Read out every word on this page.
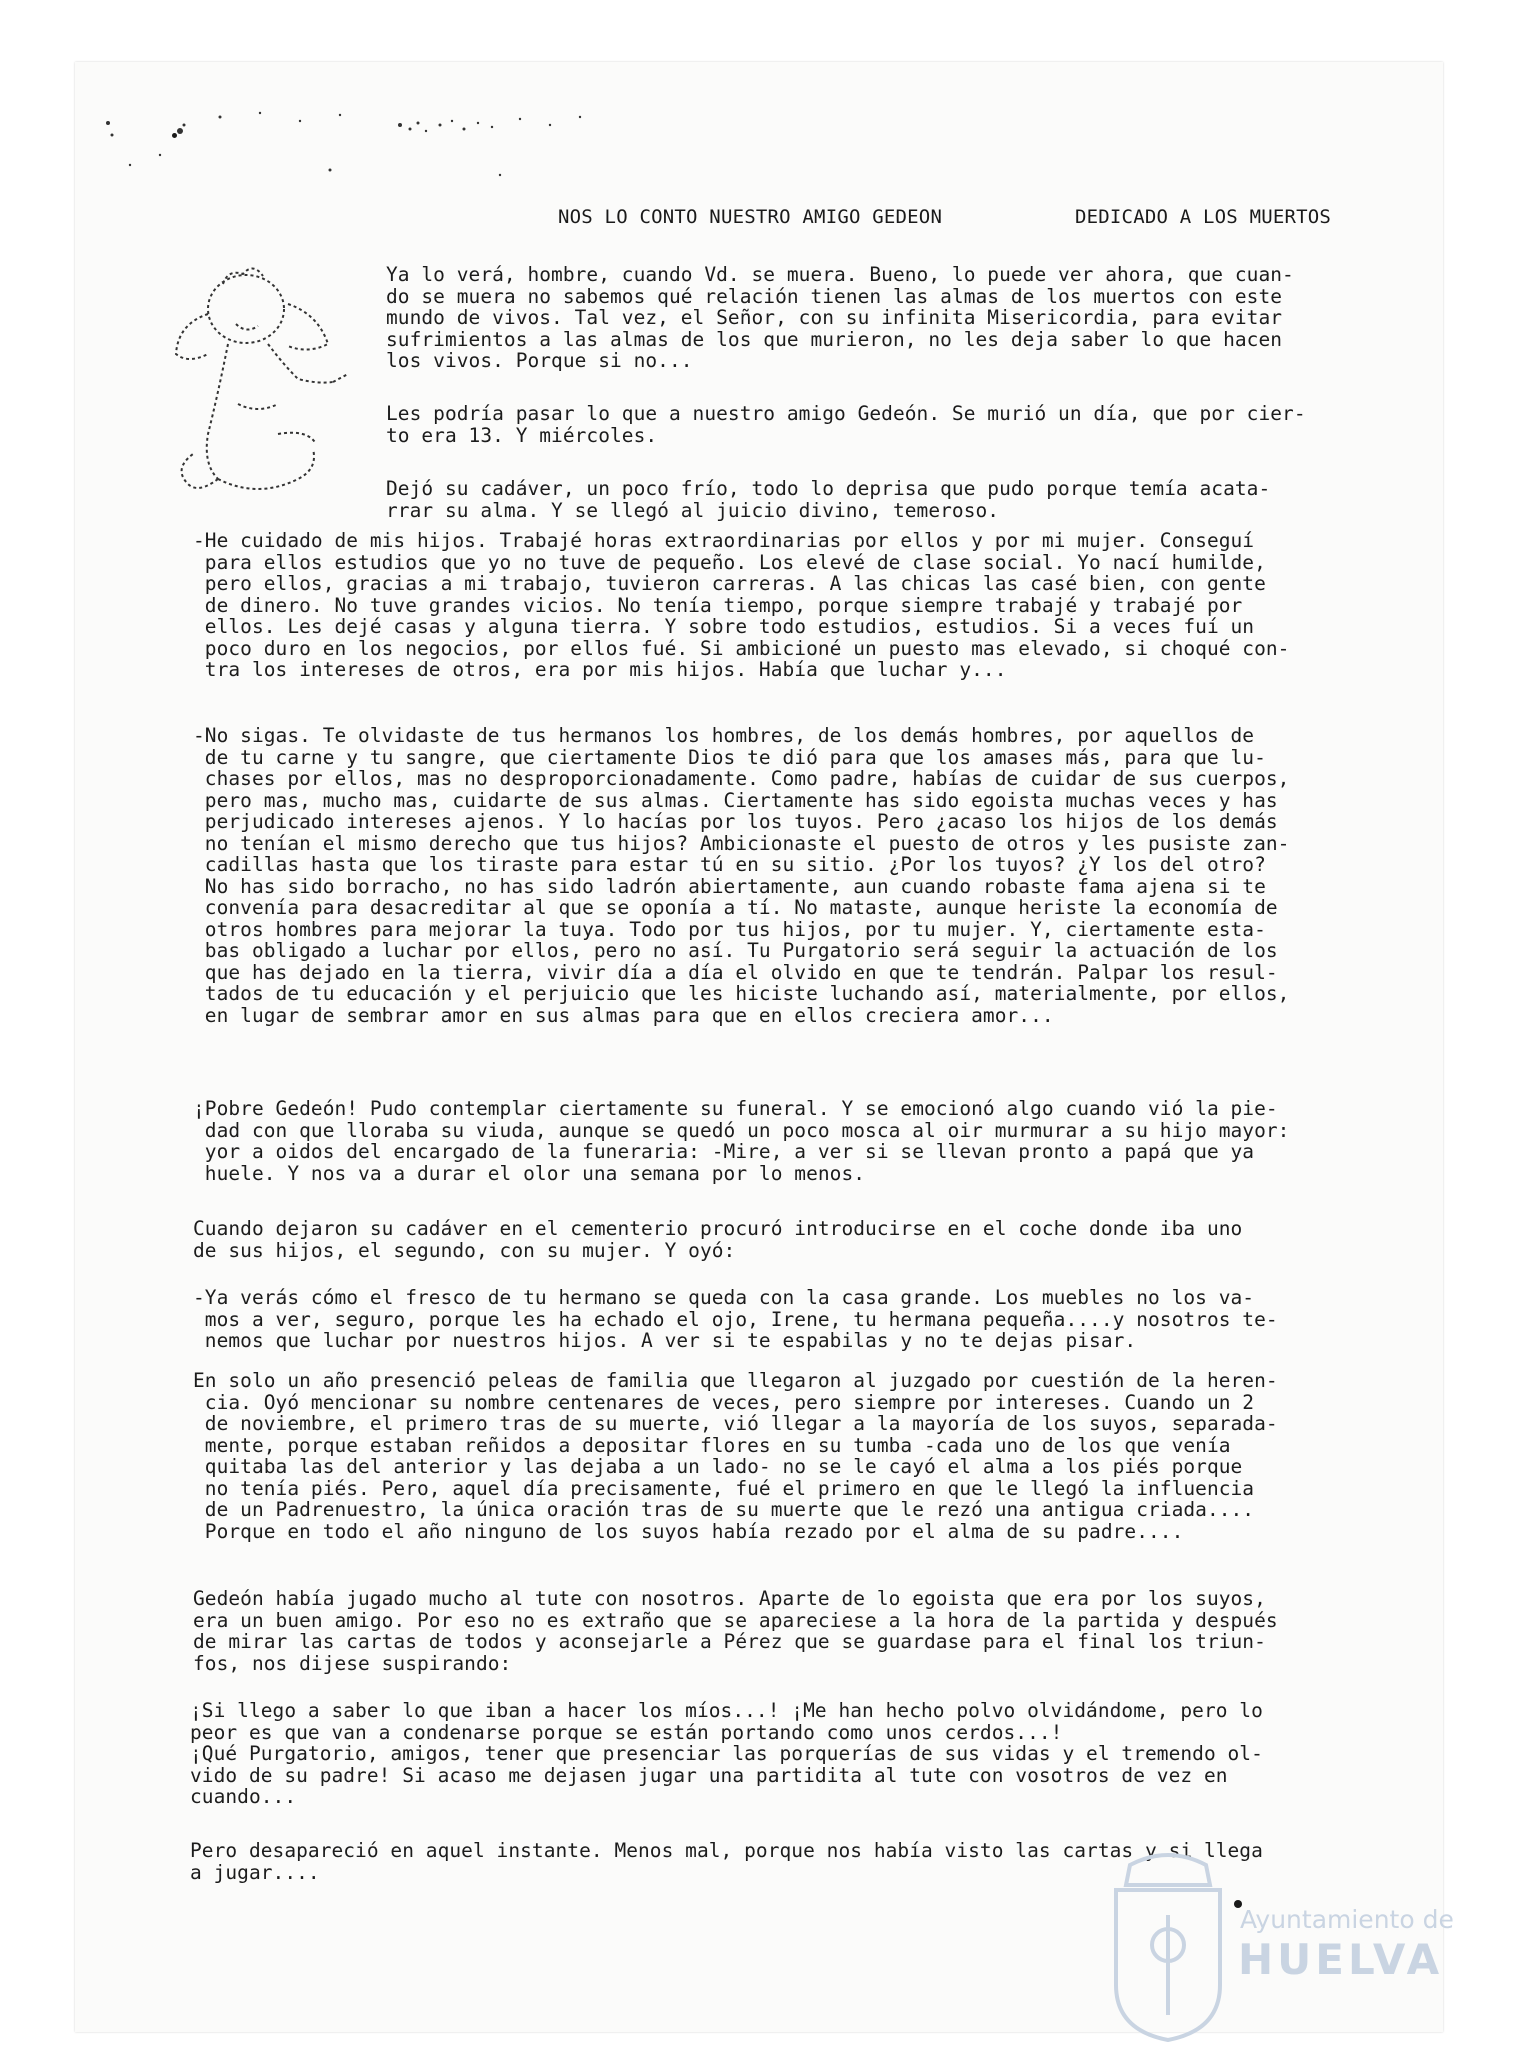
NOS LO CONTO NUESTRO AMIGO GEDEON	DEDICADO A LOS MUERTOS

Ya lo verá, hombre, cuando Vd. se muera. Bueno, lo puede ver ahora, que cuan-
do se muera no sabemos qué relación tienen las almas de los muertos con este
mundo de vivos. Tal vez, el Señor, con su infinita Misericordia, para evitar
sufrimientos a las almas de los que murieron, no les deja saber lo que hacen
los vivos. Porque si no...

Les podría pasar lo que a nuestro amigo Gedeón. Se murió un día, que por cier-
to era 13. Y miércoles.

Dejó su cadáver, un poco frío, todo lo deprisa que pudo porque temía acata-
rrar su alma. Y se llegó al juicio divino, temeroso.

-He cuidado de mis hijos. Trabajé horas extraordinarias por ellos y por mi mujer. Conseguí
para ellos estudios que yo no tuve de pequeño. Los elevé de clase social. Yo nací humilde,
pero ellos, gracias a mi trabajo, tuvieron carreras. A las chicas las casé bien, con gente
de dinero. No tuve grandes vicios. No tenía tiempo, porque siempre trabajé y trabajé por
ellos. Les dejé casas y alguna tierra. Y sobre todo estudios, estudios. Si a veces fuí un
poco duro en los negocios, por ellos fué. Si ambicioné un puesto mas elevado, si choqué con-
tra los intereses de otros, era por mis hijos. Había que luchar y...

-No sigas. Te olvidaste de tus hermanos los hombres, de los demás hombres, por aquellos de
de tu carne y tu sangre, que ciertamente Dios te dió para que los amases más, para que lu-
chases por ellos, mas no desproporcionadamente. Como padre, habías de cuidar de sus cuerpos,
pero mas, mucho mas, cuidarte de sus almas. Ciertamente has sido egoista muchas veces y has
perjudicado intereses ajenos. Y lo hacías por los tuyos. Pero ¿acaso los hijos de los demás
no tenían el mismo derecho que tus hijos? Ambicionaste el puesto de otros y les pusiste zan-
cadillas hasta que los tiraste para estar tú en su sitio. ¿Por los tuyos? ¿Y los del otro?
No has sido borracho, no has sido ladrón abiertamente, aun cuando robaste fama ajena si te
convenía para desacreditar al que se oponía a tí. No mataste, aunque heriste la economía de
otros hombres para mejorar la tuya. Todo por tus hijos, por tu mujer. Y, ciertamente esta-
bas obligado a luchar por ellos, pero no así. Tu Purgatorio será seguir la actuación de los
que has dejado en la tierra, vivir día a día el olvido en que te tendrán. Palpar los resul-
tados de tu educación y el perjuicio que les hiciste luchando así, materialmente, por ellos,
en lugar de sembrar amor en sus almas para que en ellos creciera amor...

¡Pobre Gedeón! Pudo contemplar ciertamente su funeral. Y se emocionó algo cuando vió la pie-
dad con que lloraba su viuda, aunque se quedó un poco mosca al oir murmurar a su hijo mayor:
yor a oidos del encargado de la funeraria: -Mire, a ver si se llevan pronto a papá que ya
huele. Y nos va a durar el olor una semana por lo menos.

Cuando dejaron su cadáver en el cementerio procuró introducirse en el coche donde iba uno
de sus hijos, el segundo, con su mujer. Y oyó:

-Ya verás cómo el fresco de tu hermano se queda con la casa grande. Los muebles no los va-
mos a ver, seguro, porque les ha echado el ojo, Irene, tu hermana pequeña....y nosotros te-
nemos que luchar por nuestros hijos. A ver si te espabilas y no te dejas pisar.

En solo un año presenció peleas de familia que llegaron al juzgado por cuestión de la heren-
cia. Oyó mencionar su nombre centenares de veces, pero siempre por intereses. Cuando un 2
de noviembre, el primero tras de su muerte, vió llegar a la mayoría de los suyos, separada-
mente, porque estaban reñidos a depositar flores en su tumba -cada uno de los que venía
quitaba las del anterior y las dejaba a un lado- no se le cayó el alma a los piés porque
no tenía piés. Pero, aquel día precisamente, fué el primero en que le llegó la influencia
de un Padrenuestro, la única oración tras de su muerte que le rezó una antigua criada....
Porque en todo el año ninguno de los suyos había rezado por el alma de su padre....

Gedeón había jugado mucho al tute con nosotros. Aparte de lo egoista que era por los suyos,
era un buen amigo. Por eso no es extraño que se apareciese a la hora de la partida y después
de mirar las cartas de todos y aconsejarle a Pérez que se guardase para el final los triun-
fos, nos dijese suspirando:

¡Si llego a saber lo que iban a hacer los míos...! ¡Me han hecho polvo olvidándome, pero lo
peor es que van a condenarse porque se están portando como unos cerdos...!
¡Qué Purgatorio, amigos, tener que presenciar las porquerías de sus vidas y el tremendo ol-
vido de su padre! Si acaso me dejasen jugar una partidita al tute con vosotros de vez en
cuando...

Pero desapareció en aquel instante. Menos mal, porque nos había visto las cartas y si llega
a jugar....

Ayuntamiento de
HUELVA
